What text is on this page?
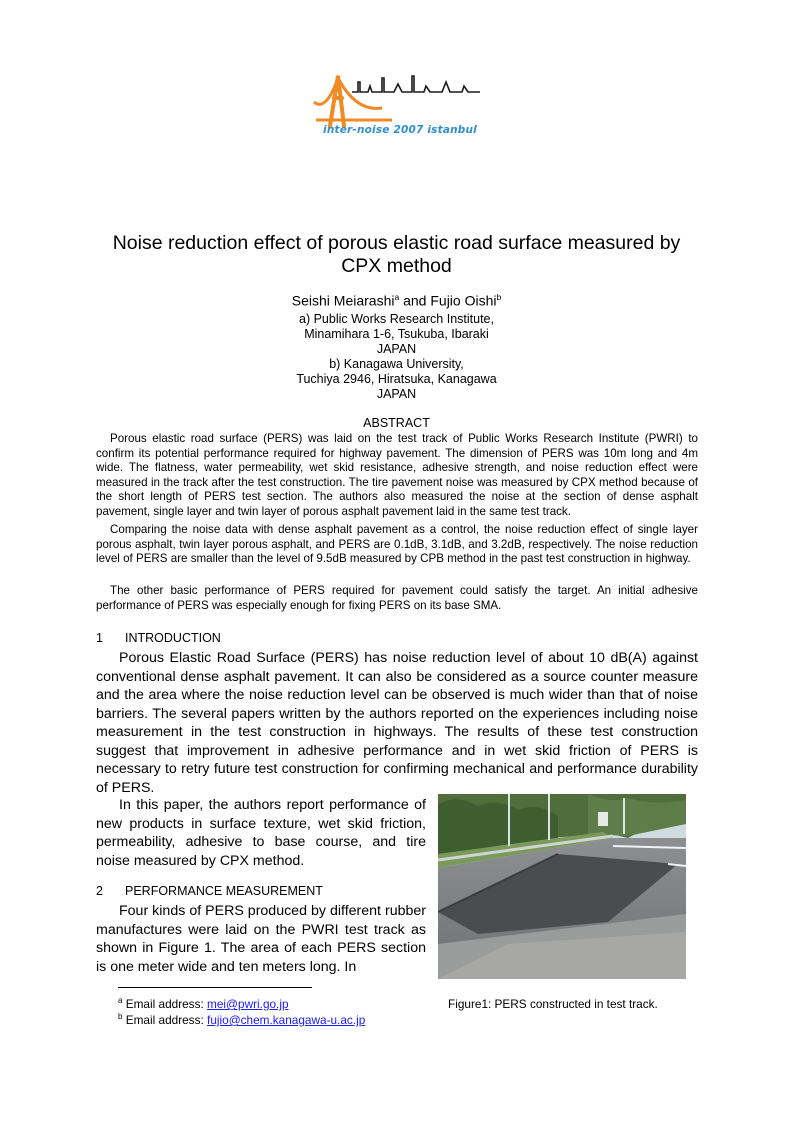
inter-noise 2007 istanbul
Noise reduction effect of porous elastic road surface measured by CPX method
Seishi Meiarashi$^a$ and Fujio Oishi$^b$
a) Public Works Research Institute,
Minamihara 1-6, Tsukuba, Ibaraki
JAPAN
b) Kanagawa University,
Tuchiya 2946, Hiratsuka, Kanagawa
JAPAN
ABSTRACT

Porous elastic road surface (PERS) was laid on the test track of Public Works Research Institute (PWRI) to confirm its potential performance required for highway pavement. The dimension of PERS was 10m long and 4m wide. The flatness, water permeability, wet skid resistance, adhesive strength, and noise reduction effect were measured in the track after the test construction. The tire pavement noise was measured by CPX method because of the short length of PERS test section. The authors also measured the noise at the section of dense asphalt pavement, single layer and twin layer of porous asphalt pavement laid in the same test track.

Comparing the noise data with dense asphalt pavement as a control, the noise reduction effect of single layer porous asphalt, twin layer porous asphalt, and PERS are 0.1dB, 3.1dB, and 3.2dB, respectively. The noise reduction level of PERS are smaller than the level of 9.5dB measured by CPB method in the past test construction in highway.

The other basic performance of PERS required for pavement could satisfy the target. An initial adhesive performance of PERS was especially enough for fixing PERS on its base SMA.

1 INTRODUCTION

Porous Elastic Road Surface (PERS) has noise reduction level of about 10 dB(A) against conventional dense asphalt pavement. It can also be considered as a source counter measure and the area where the noise reduction level can be observed is much wider than that of noise barriers. The several papers written by the authors reported on the experiences including noise measurement in the test construction in highways. The results of these test construction suggest that improvement in adhesive performance and in wet skid friction of PERS is necessary to retry future test construction for confirming mechanical and performance durability of PERS.

In this paper, the authors report performance of new products in surface texture, wet skid friction, permeability, adhesive to base course, and tire noise measured by CPX method.

2 PERFORMANCE MEASUREMENT

Four kinds of PERS produced by different rubber manufactures were laid on the PWRI test track as shown in Figure 1. The area of each PERS section is one meter wide and ten meters long. In

Figure1: PERS constructed in test track.
$^a$ Email address: mei@pwri.go.jp
$^b$ Email address: fujio@chem.kanagawa-u.ac.jp
